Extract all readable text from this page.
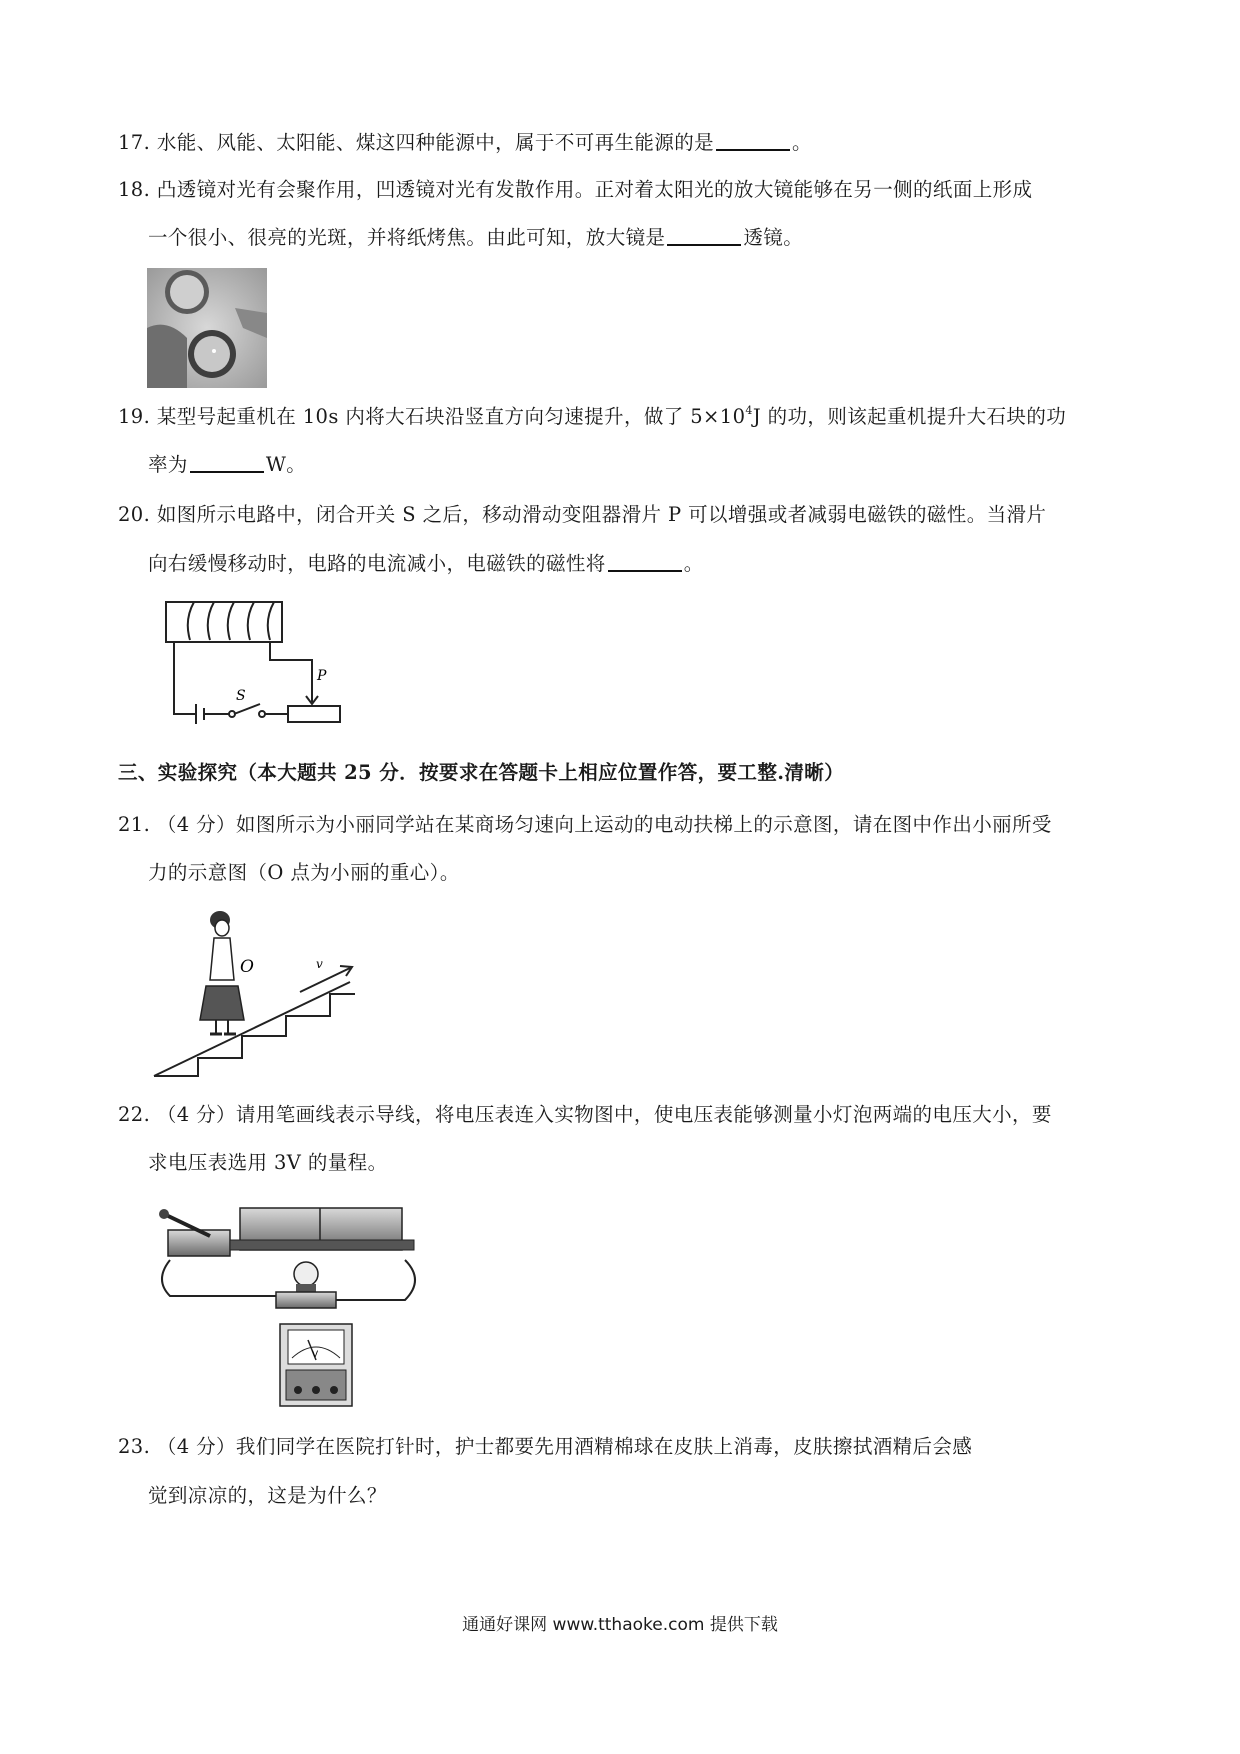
17. 水能、风能、太阳能、煤这四种能源中，属于不可再生能源的是	。
18. 凸透镜对光有会聚作用，凹透镜对光有发散作用。正对着太阳光的放大镜能够在另一侧的纸面上形成
一个很小、很亮的光斑，并将纸烤焦。由此可知，放大镜是	透镜。
19. 某型号起重机在 10s 内将大石块沿竖直方向匀速提升，做了 $5\times 10^4J$ 的功，则该起重机提升大石块的功
率为	W。
20. 如图所示电路中，闭合开关 S 之后，移动滑动变阻器滑片 P 可以增强或者减弱电磁铁的磁性。当滑片
向右缓慢移动时，电路的电流减小，电磁铁的磁性将	。
S
P
三、实验探究（本大题共 25 分．按要求在答题卡上相应位置作答，要工整.清晰）
21. （4 分）如图所示为小丽同学站在某商场匀速向上运动的电动扶梯上的示意图，请在图中作出小丽所受
力的示意图（O 点为小丽的重心）。
O	v
22. （4 分）请用笔画线表示导线，将电压表连入实物图中，使电压表能够测量小灯泡两端的电压大小，要
求电压表选用 3V 的量程。
V
23. （4 分）我们同学在医院打针时，护士都要先用酒精棉球在皮肤上消毒，皮肤擦拭酒精后会感
觉到凉凉的，这是为什么？
通通好课网 www.tthaoke.com 提供下载
